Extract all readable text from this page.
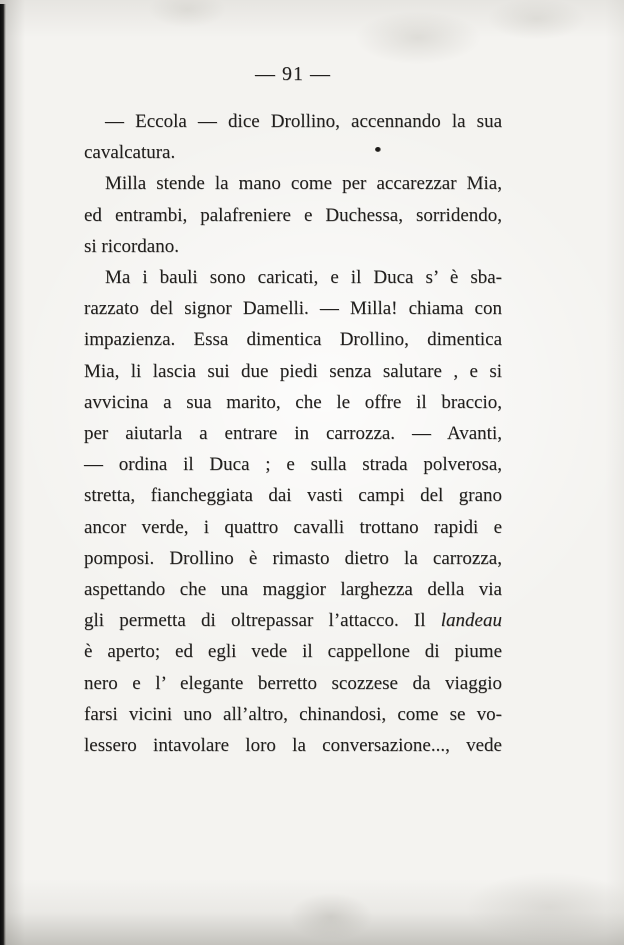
— 91 —
— Eccola — dice Drollino, accennando la sua
cavalcatura.
Milla stende la mano come per accarezzar Mia,
ed entrambi, palafreniere e Duchessa, sorridendo,
si ricordano.
Ma i bauli sono caricati, e il Duca s’ è sba-
razzato del signor Damelli. — Milla! chiama con
impazienza. Essa dimentica Drollino, dimentica
Mia, li lascia sui due piedi senza salutare , e si
avvicina a sua marito, che le offre il braccio,
per aiutarla a entrare in carrozza. — Avanti,
— ordina il Duca ; e sulla strada polverosa,
stretta, fiancheggiata dai vasti campi del grano
ancor verde, i quattro cavalli trottano rapidi e
pomposi. Drollino è rimasto dietro la carrozza,
aspettando che una maggior larghezza della via
gli permetta di oltrepassar l’attacco. Il landeau
è aperto; ed egli vede il cappellone di piume
nero e l’ elegante berretto scozzese da viaggio
farsi vicini uno all’altro, chinandosi, come se vo-
lessero intavolare loro la conversazione..., vede
